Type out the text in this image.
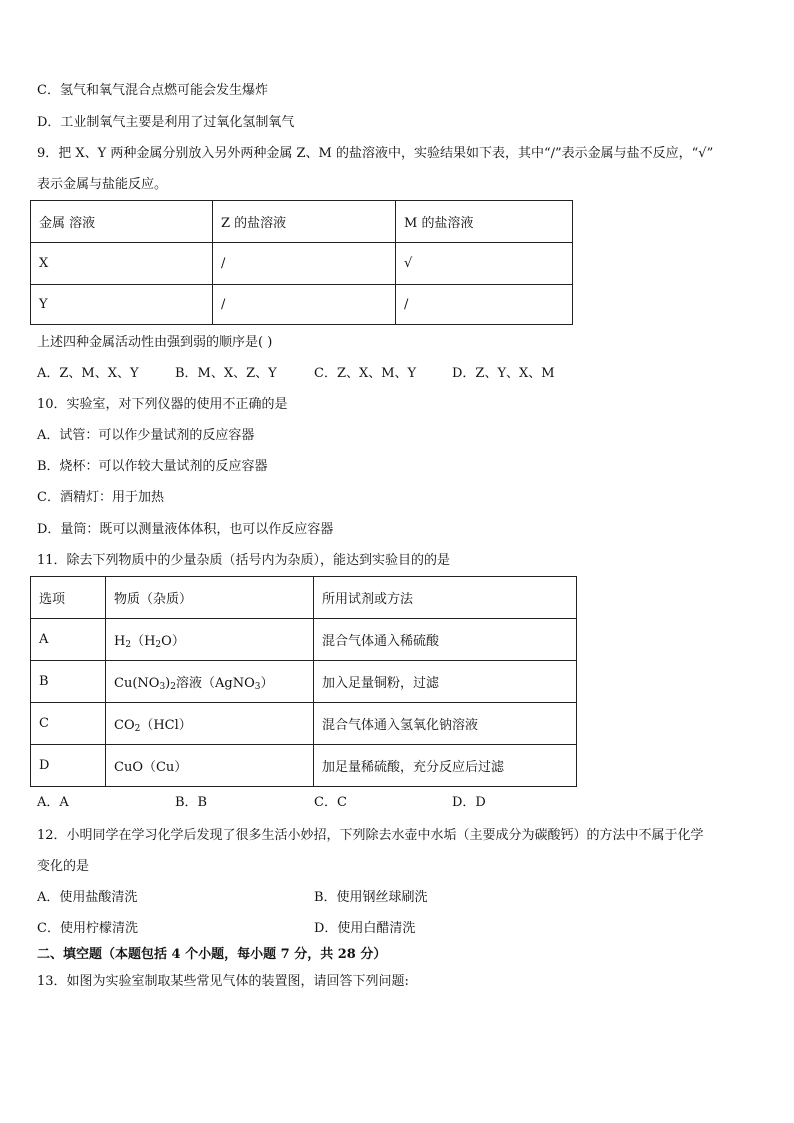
C．氢气和氧气混合点燃可能会发生爆炸
D．工业制氧气主要是利用了过氧化氢制氧气
9．把 X、Y 两种金属分别放入另外两种金属 Z、M 的盐溶液中，实验结果如下表，其中“/”表示金属与盐不反应，“√”
表示金属与盐能反应。
金属 溶液	Z 的盐溶液	M 的盐溶液
X	/	√
Y	/	/
上述四种金属活动性由强到弱的顺序是( )
A．Z、M、X、Y	B．M、X、Z、Y	C．Z、X、M、Y	D．Z、Y、X、M
10．实验室，对下列仪器的使用不正确的是
A．试管：可以作少量试剂的反应容器
B．烧杯：可以作较大量试剂的反应容器
C．酒精灯：用于加热
D．量筒：既可以测量液体体积，也可以作反应容器
11．除去下列物质中的少量杂质（括号内为杂质），能达到实验目的的是
选项	物质（杂质）	所用试剂或方法
A	$H_2(H_2O)$	混合气体通入稀硫酸
B	$Cu(NO_3)_2$溶液（AgNO$_3$）	加入足量铜粉，过滤
C	$CO_2(HCl)$	混合气体通入氢氧化钠溶液
D	CuO（Cu）	加足量稀硫酸，充分反应后过滤
A．A	B．B	C．C	D．D
12．小明同学在学习化学后发现了很多生活小妙招，下列除去水壶中水垢（主要成分为碳酸钙）的方法中不属于化学
变化的是
A．使用盐酸清洗	B．使用钢丝球刷洗
C．使用柠檬清洗	D．使用白醋清洗
二、填空题（本题包括 4 个小题，每小题 7 分，共 28 分）
13．如图为实验室制取某些常见气体的装置图，请回答下列问题:
